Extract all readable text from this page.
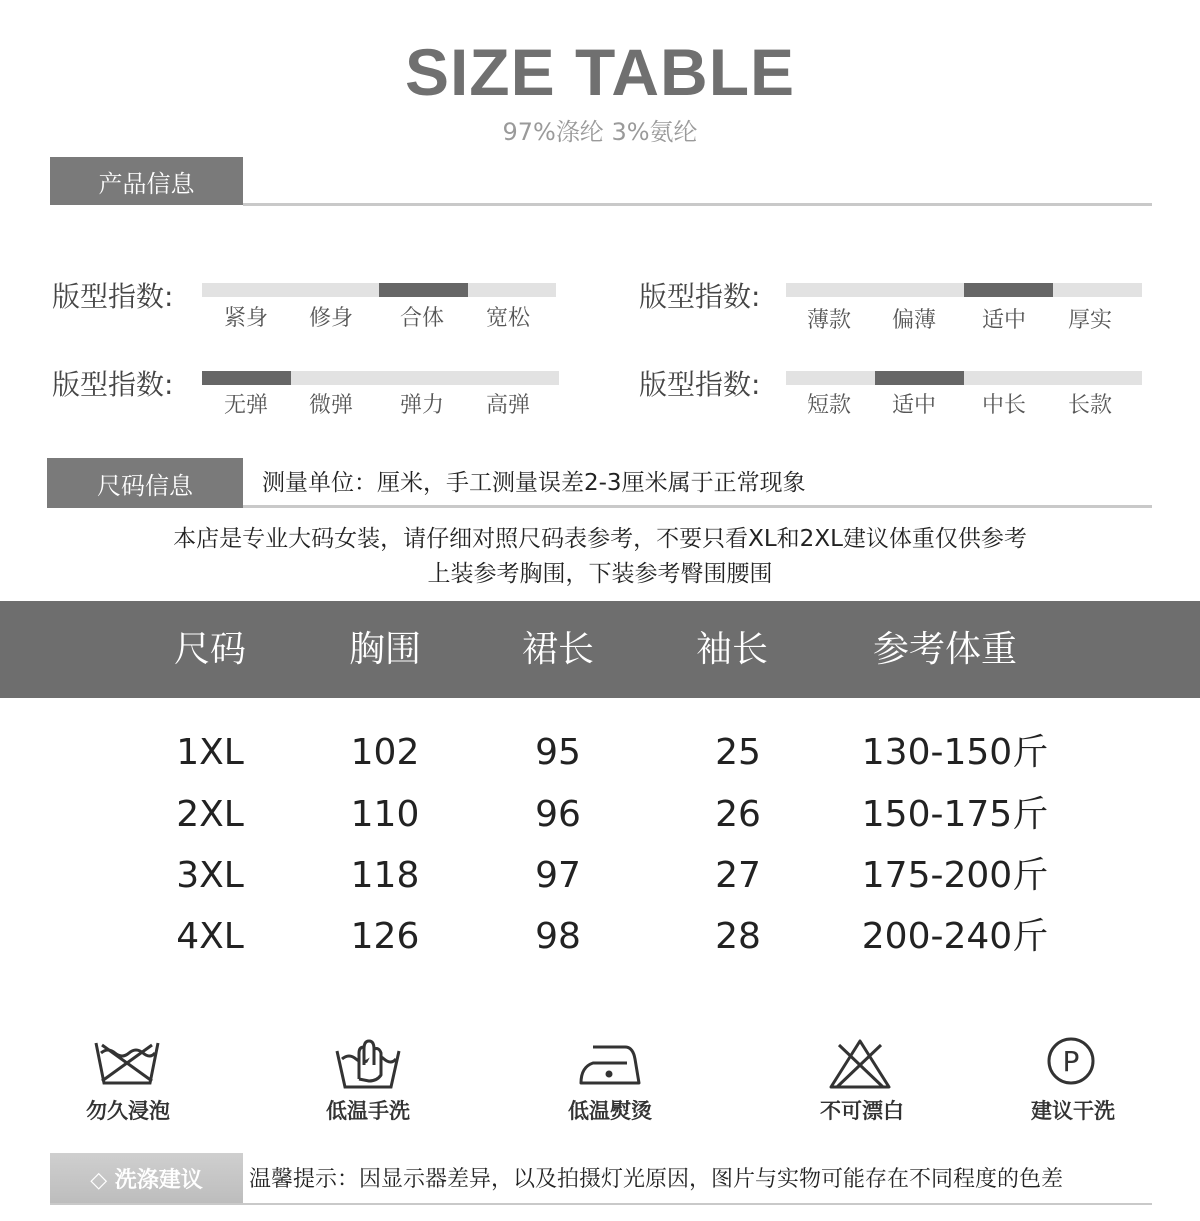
SIZE TABLE
97%涤纶 3%氨纶
产品信息
版型指数:
紧身	修身	合体	宽松
版型指数:
薄款	偏薄	适中	厚实
版型指数:
无弹	微弹	弹力	高弹
版型指数:
短款	适中	中长	长款
尺码信息	测量单位：厘米，手工测量误差2-3厘米属于正常现象
本店是专业大码女装，请仔细对照尺码表参考，不要只看XL和2XL建议体重仅供参考
上装参考胸围，下装参考臀围腰围
尺码	胸围	裙长	袖长	参考体重
1XL	102	95	25	130-150斤
2XL	110	96	26	150-175斤
3XL	118	97	27	175-200斤
4XL	126	98	28	200-240斤
P
勿久浸泡	低温手洗	低温熨烫	不可漂白	建议干洗
◇ 洗涤建议	温馨提示：因显示器差异，以及拍摄灯光原因，图片与实物可能存在不同程度的色差
